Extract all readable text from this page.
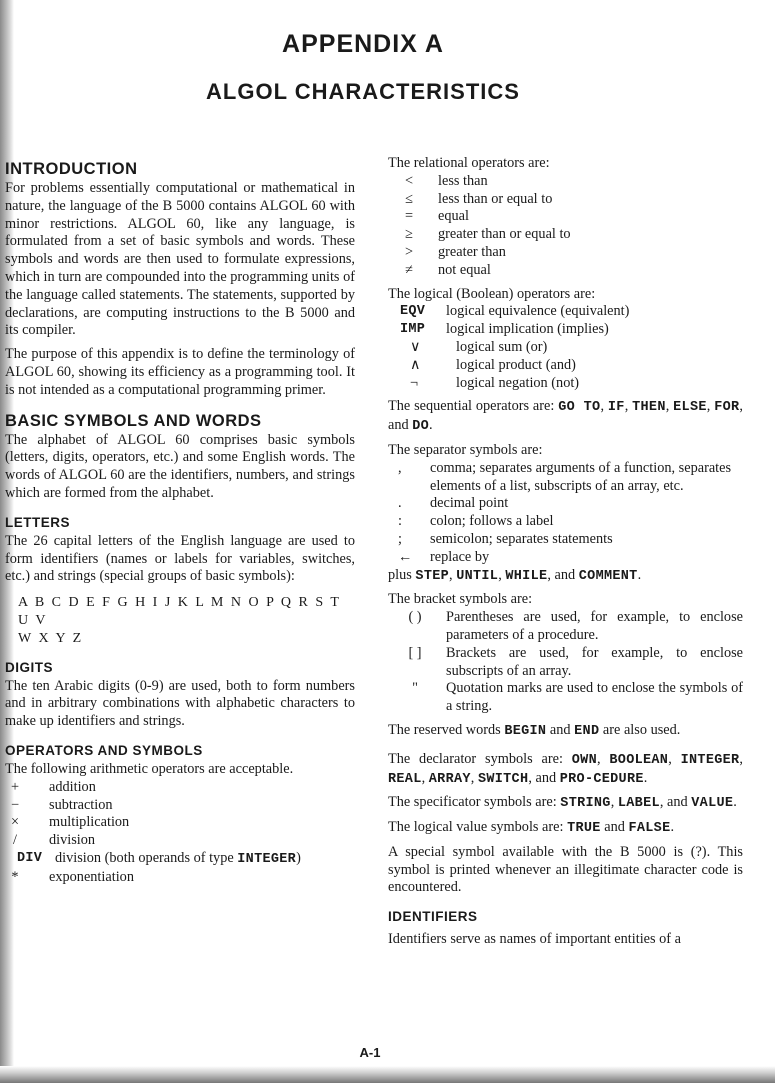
APPENDIX A
ALGOL CHARACTERISTICS
INTRODUCTION

For problems essentially computational or mathematical in nature, the language of the B 5000 contains ALGOL 60 with minor restrictions. ALGOL 60, like any language, is formulated from a set of basic symbols and words. These symbols and words are then used to formulate expressions, which in turn are compounded into the programming units of the language called statements. The statements, supported by declarations, are computing instructions to the B 5000 and its compiler.

The purpose of this appendix is to define the terminology of ALGOL 60, showing its efficiency as a programming tool. It is not intended as a computational programming primer.

BASIC SYMBOLS AND WORDS

The alphabet of ALGOL 60 comprises basic symbols (letters, digits, operators, etc.) and some English words. The words of ALGOL 60 are the identifiers, numbers, and strings which are formed from the alphabet.

LETTERS

The 26 capital letters of the English language are used to form identifiers (names or labels for variables, switches, etc.) and strings (special groups of basic symbols):

A B C D E F G H I J K L M N O P Q R S T U V
W X Y Z
DIGITS

The ten Arabic digits (0-9) are used, both to form numbers and in arbitrary combinations with alphabetic characters to make up identifiers and strings.

OPERATORS AND SYMBOLS

The following arithmetic operators are acceptable.

+	addition
−	subtraction
×	multiplication
/	division
DIV division (both operands of type INTEGER)
*	exponentiation

The relational operators are:

<	less than
≤	less than or equal to
=	equal
≥	greater than or equal to
>	greater than
≠	not equal

The logical (Boolean) operators are:

EQV	logical equivalence (equivalent)
IMP	logical implication (implies)
∨	logical sum (or)
∧	logical product (and)
¬	logical negation (not)

The sequential operators are: GO TO, IF, THEN, ELSE, FOR, and DO.

The separator symbols are:

,	comma; separates arguments of a function, separates elements of a list, subscripts of an array, etc.
.	decimal point
:	colon; follows a label
;	semicolon; separates statements
←	replace by

plus STEP, UNTIL, WHILE, and COMMENT.

The bracket symbols are:

( )	Parentheses are used, for example, to enclose parameters of a procedure.
[ ]	Brackets are used, for example, to enclose subscripts of an array.
"	Quotation marks are used to enclose the symbols of a string.

The reserved words BEGIN and END are also used.

The declarator symbols are: OWN, BOOLEAN, INTEGER, REAL, ARRAY, SWITCH, and PRO-CEDURE.

The specificator symbols are: STRING, LABEL, and VALUE.

The logical value symbols are: TRUE and FALSE.

A special symbol available with the B 5000 is (?). This symbol is printed whenever an illegitimate character code is encountered.

IDENTIFIERS

Identifiers serve as names of important entities of a

A-1
